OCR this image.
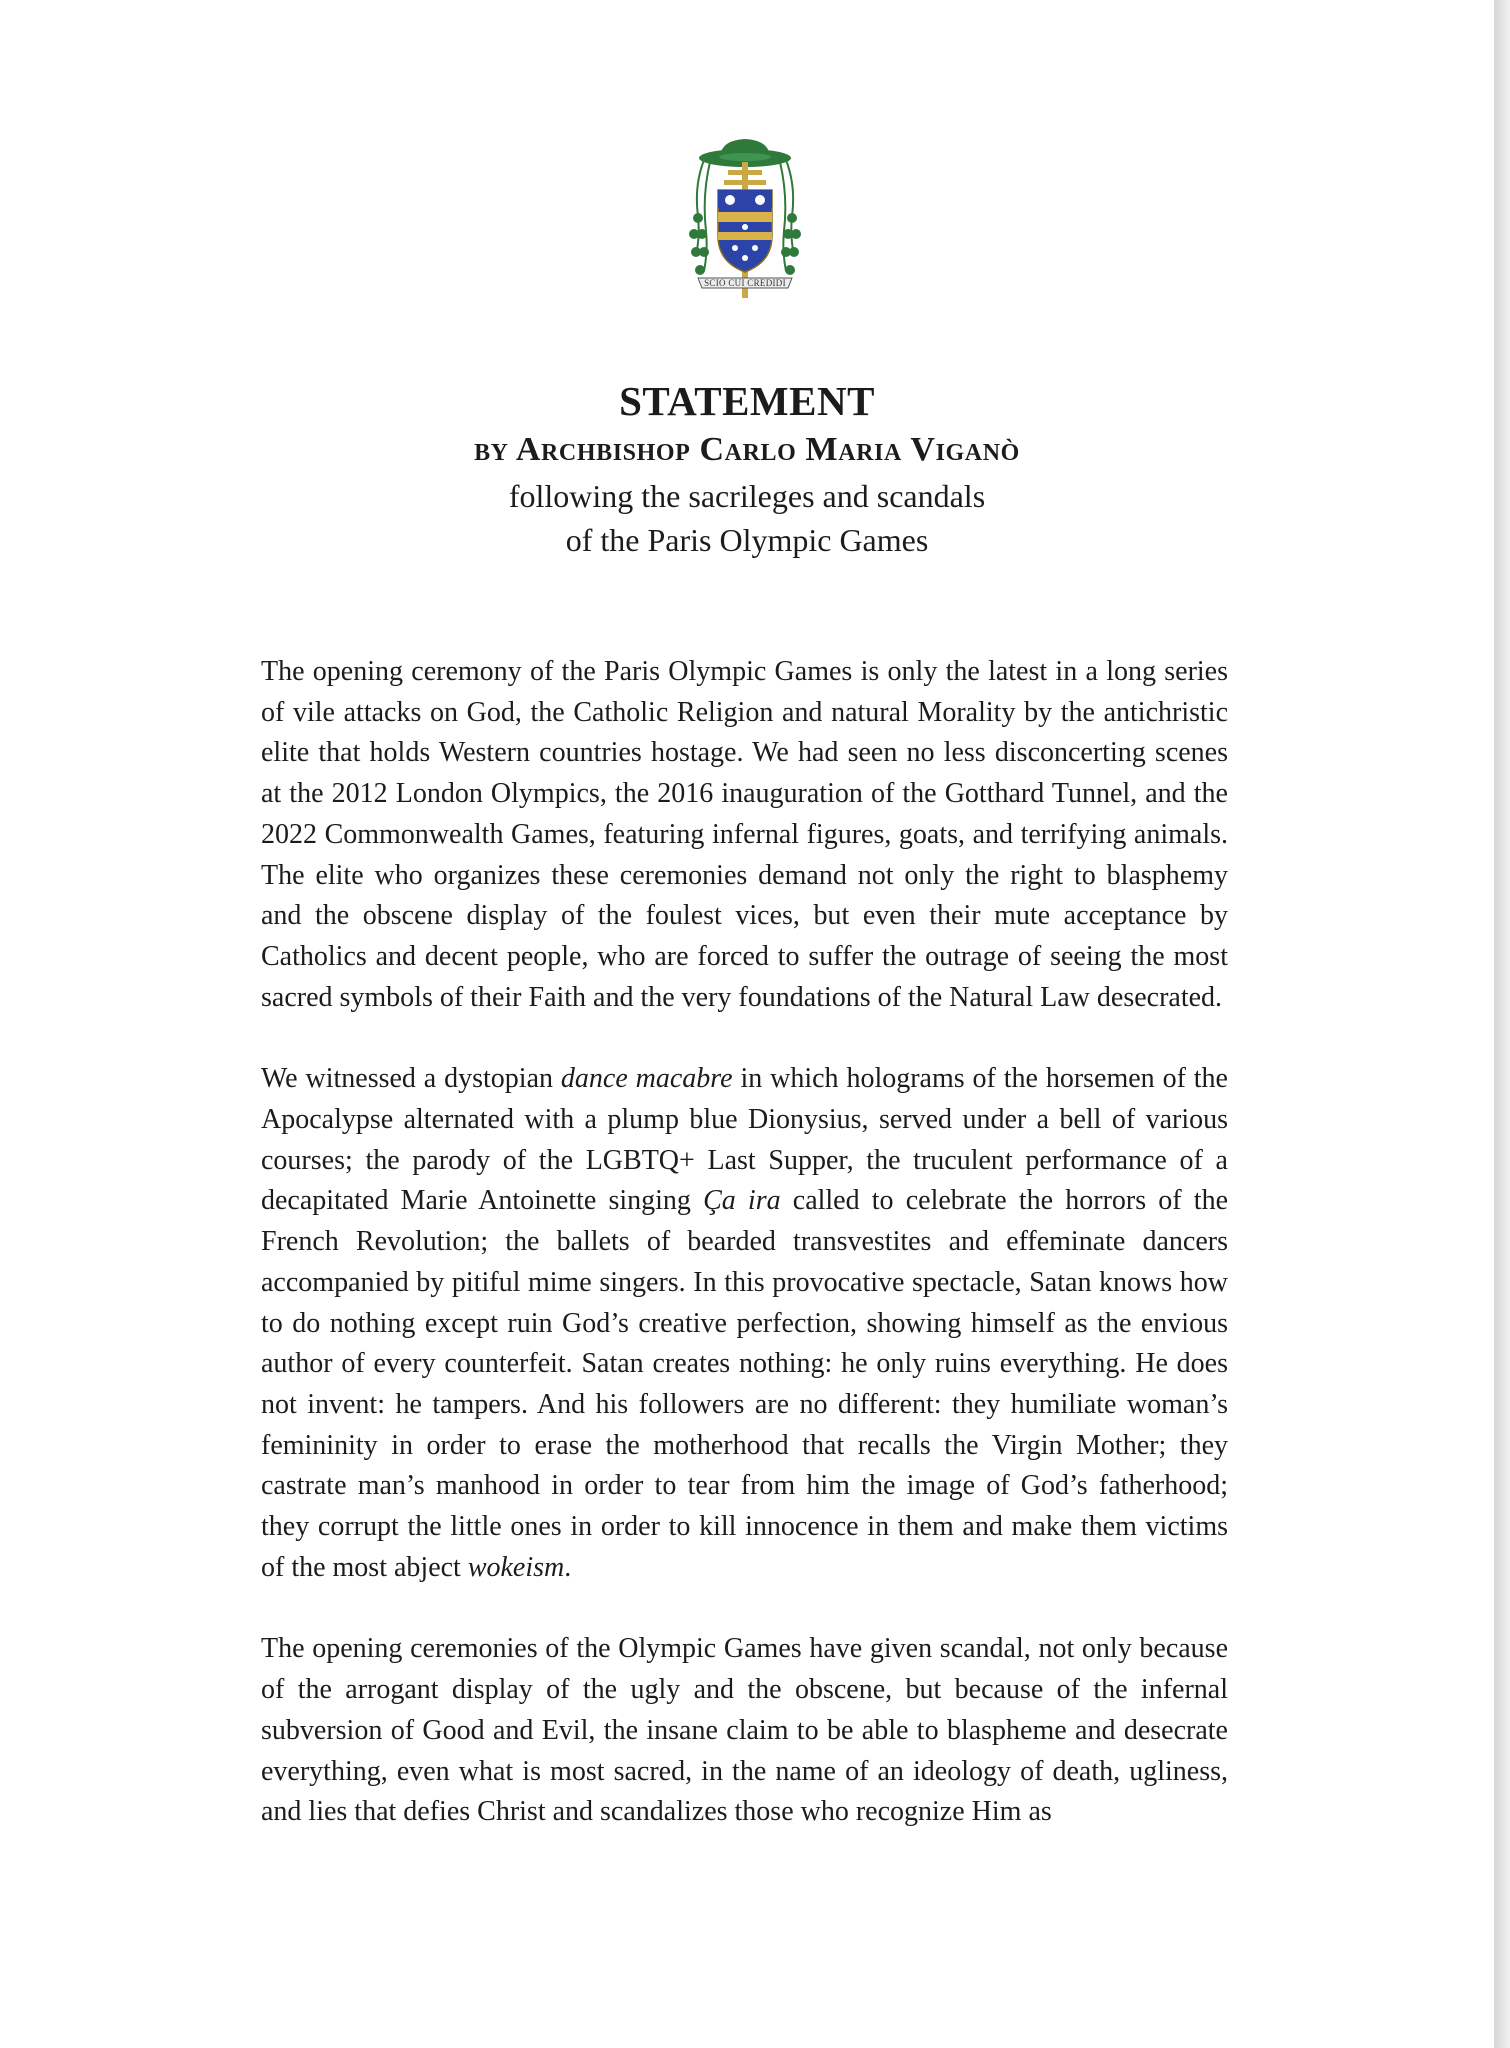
SCIO CUI CREDIDI

STATEMENT

by Archbishop Carlo Maria Viganò

following the sacrileges and scandals

of the Paris Olympic Games

The opening ceremony of the Paris Olympic Games is only the latest in a long series of vile attacks on God, the Catholic Religion and natural Morality by the antichristic elite that holds Western countries hostage. We had seen no less disconcerting scenes at the 2012 London Olympics, the 2016 inauguration of the Gotthard Tunnel, and the 2022 Commonwealth Games, featuring infernal figures, goats, and terrifying animals. The elite who organizes these ceremonies demand not only the right to blasphemy and the obscene display of the foulest vices, but even their mute acceptance by Catholics and decent people, who are forced to suffer the outrage of seeing the most sacred symbols of their Faith and the very foundations of the Natural Law desecrated.

We witnessed a dystopian dance macabre in which holograms of the horsemen of the Apocalypse alternated with a plump blue Dionysius, served under a bell of various courses; the parody of the LGBTQ+ Last Supper, the truculent performance of a decapitated Marie Antoinette singing Ça ira called to celebrate the horrors of the French Revolution; the ballets of bearded transvestites and effeminate dancers accompanied by pitiful mime singers. In this provocative spectacle, Satan knows how to do nothing except ruin God’s creative perfection, showing himself as the envious author of every counterfeit. Satan creates nothing: he only ruins everything. He does not invent: he tampers. And his followers are no different: they humiliate woman’s femininity in order to erase the motherhood that recalls the Virgin Mother; they castrate man’s manhood in order to tear from him the image of God’s fatherhood; they corrupt the little ones in order to kill innocence in them and make them victims of the most abject wokeism.

The opening ceremonies of the Olympic Games have given scandal, not only because of the arrogant display of the ugly and the obscene, but because of the infernal subversion of Good and Evil, the insane claim to be able to blaspheme and desecrate everything, even what is most sacred, in the name of an ideology of death, ugliness, and lies that defies Christ and scandalizes those who recognize Him as
